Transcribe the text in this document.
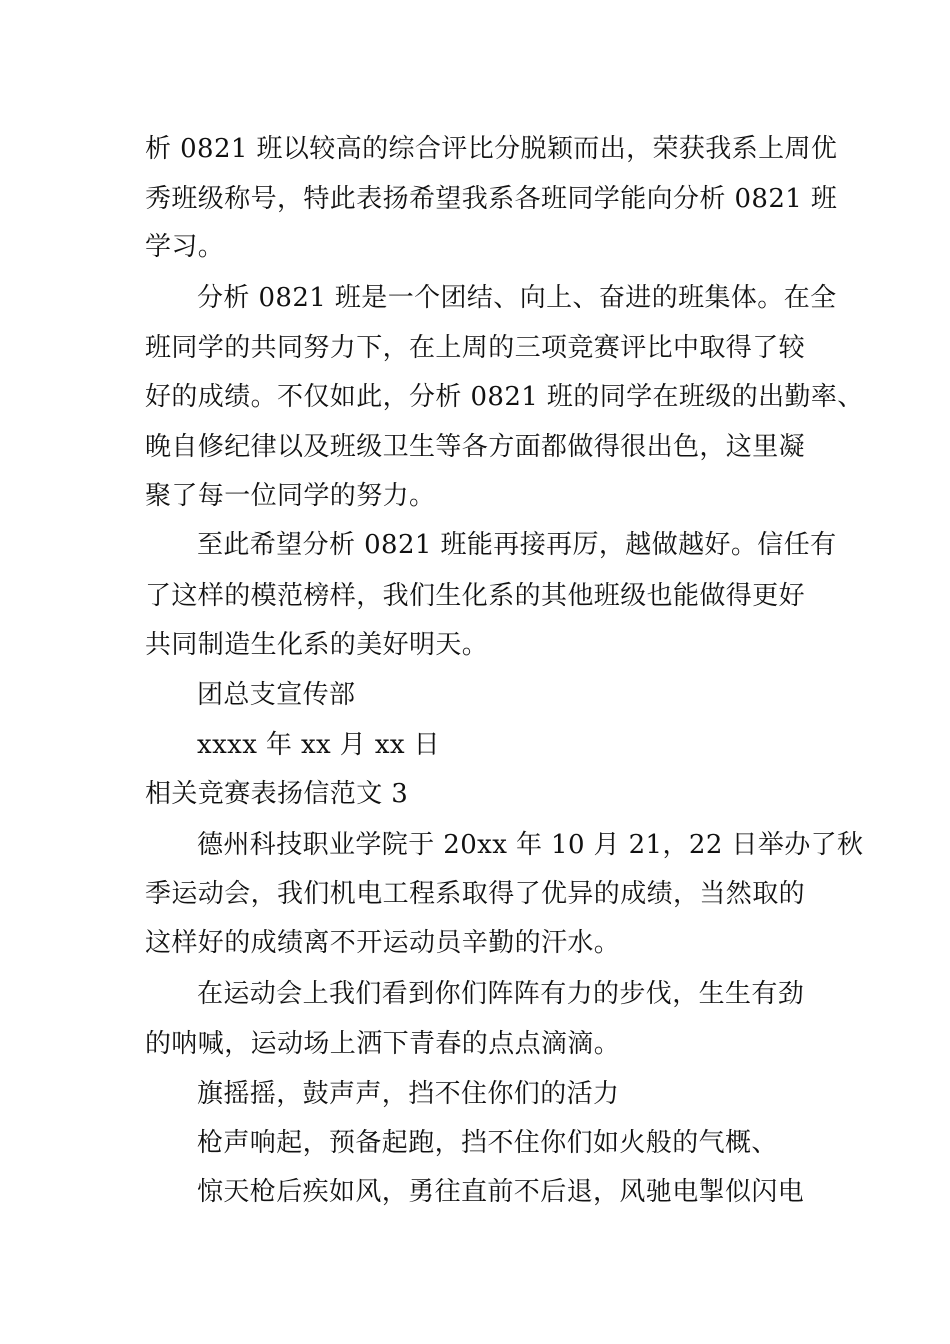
析 0821 班以较高的综合评比分脱颖而出，荣获我系上周优
秀班级称号，特此表扬希望我系各班同学能向分析 0821 班
学习。
分析 0821 班是一个团结、向上、奋进的班集体。在全
班同学的共同努力下，在上周的三项竞赛评比中取得了较
好的成绩。不仅如此，分析 0821 班的同学在班级的出勤率、
晚自修纪律以及班级卫生等各方面都做得很出色，这里凝
聚了每一位同学的努力。
至此希望分析 0821 班能再接再厉，越做越好。信任有
了这样的模范榜样，我们生化系的其他班级也能做得更好
共同制造生化系的美好明天。
团总支宣传部
xxxx 年 xx 月 xx 日
相关竞赛表扬信范文 3
德州科技职业学院于 20xx 年 10 月 21，22 日举办了秋
季运动会，我们机电工程系取得了优异的成绩，当然取的
这样好的成绩离不开运动员辛勤的汗水。
在运动会上我们看到你们阵阵有力的步伐，生生有劲
的呐喊，运动场上洒下青春的点点滴滴。
旗摇摇，鼓声声，挡不住你们的活力
枪声响起，预备起跑，挡不住你们如火般的气概、
惊天枪后疾如风，勇往直前不后退，风驰电掣似闪电
